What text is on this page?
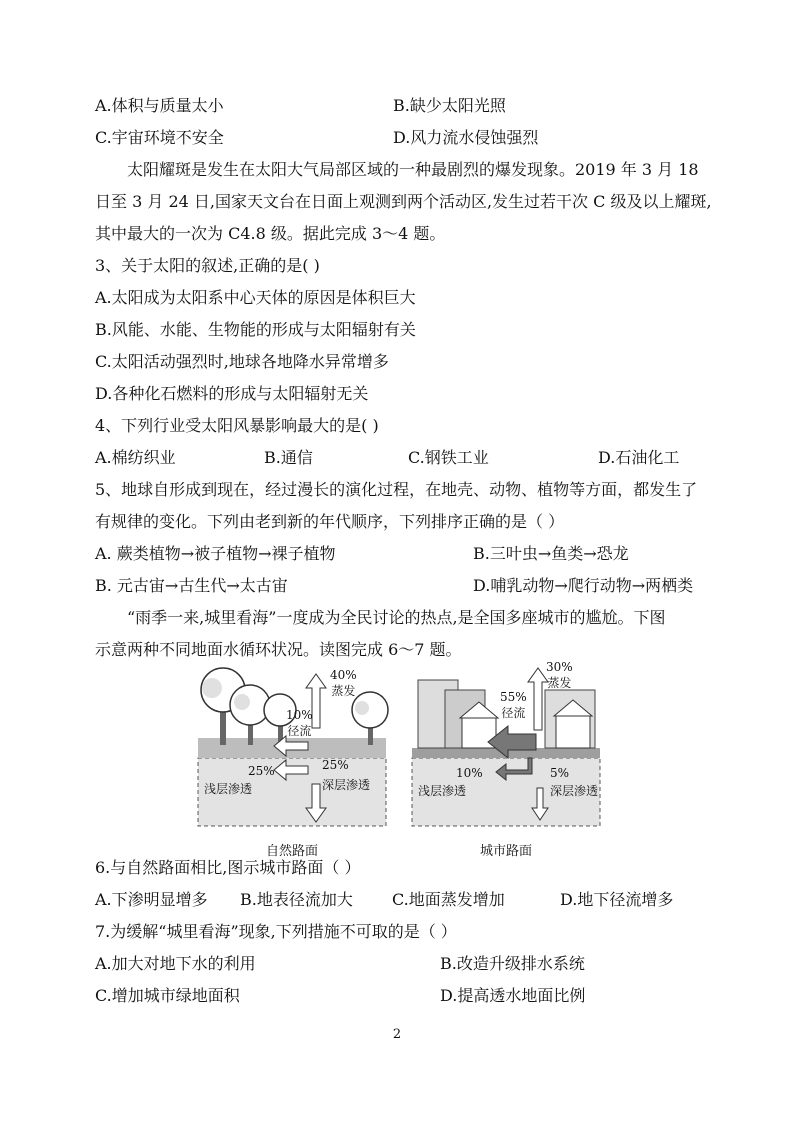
A.体积与质量太小	B.缺少太阳光照
C.宇宙环境不安全	D.风力流水侵蚀强烈
太阳耀斑是发生在太阳大气局部区域的一种最剧烈的爆发现象。2019 年 3 月 18
日至 3 月 24 日,国家天文台在日面上观测到两个活动区,发生过若干次 C 级及以上耀斑,
其中最大的一次为 C4.8 级。据此完成 3～4 题。
3、关于太阳的叙述,正确的是( )
A.太阳成为太阳系中心天体的原因是体积巨大
B.风能、水能、生物能的形成与太阳辐射有关
C.太阳活动强烈时,地球各地降水异常增多
D.各种化石燃料的形成与太阳辐射无关
4、下列行业受太阳风暴影响最大的是( )
A.棉纺织业	B.通信	C.钢铁工业	D.石油化工
5、地球自形成到现在，经过漫长的演化过程，在地壳、动物、植物等方面，都发生了
有规律的变化。下列由老到新的年代顺序，下列排序正确的是（ ）
A. 蕨类植物→被子植物→裸子植物	B.三叶虫→鱼类→恐龙
B. 元古宙→古生代→太古宙	D.哺乳动物→爬行动物→两栖类
“雨季一来,城里看海”一度成为全民讨论的热点,是全国多座城市的尴尬。下图
示意两种不同地面水循环状况。读图完成 6～7 题。
40%
蒸发
10%
径流
25%
浅层渗透
25%
深层渗透
自然路面
30%
蒸发
55%
径流
10%
浅层渗透
5%
深层渗透
城市路面
6.与自然路面相比,图示城市路面（ ）
A.下渗明显增多 B.地表径流加大 C.地面蒸发增加	D.地下径流增多
7.为缓解“城里看海”现象,下列措施不可取的是（ ）
A.加大对地下水的利用	B.改造升级排水系统
C.增加城市绿地面积	D.提高透水地面比例
2
